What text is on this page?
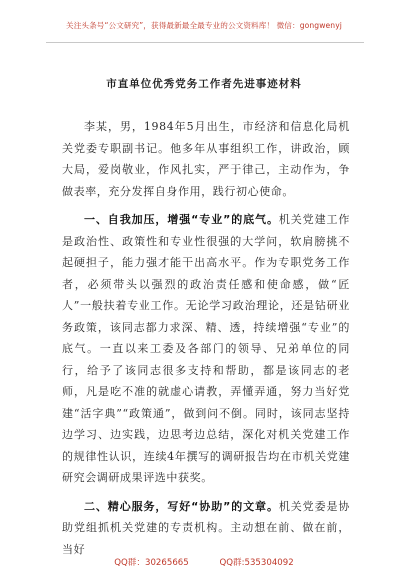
关注头条号“公文研究”，获得最新最全最专业的公文资料库！ 微信：gongwenyj
市直单位优秀党务工作者先进事迹材料

李某，男，1984年5月出生，市经济和信息化局机关党委专职副书记。他多年从事组织工作，讲政治，顾大局，爱岗敬业，作风扎实，严于律己，主动作为，争做表率，充分发挥自身作用，践行初心使命。

一、自我加压，增强“专业”的底气。机关党建工作是政治性、政策性和专业性很强的大学问，软肩膀挑不起硬担子，能力强才能干出高水平。作为专职党务工作者，必须带头以强烈的政治责任感和使命感，做“匠人”一般扶着专业工作。无论学习政治理论，还是钻研业务政策，该同志都力求深、精、透，持续增强“专业”的底气。一直以来工委及各部门的领导、兄弟单位的同行，给予了该同志很多支持和帮助，都是该同志的老师，凡是吃不准的就虚心请教，弄懂弄通，努力当好党建“活字典”“政策通”，做到问不倒。同时，该同志坚持边学习、边实践，边思考边总结，深化对机关党建工作的规律性认识，连续4年撰写的调研报告均在市机关党建研究会调研成果评选中获奖。

二、精心服务，写好“协助”的文章。机关党委是协助党组抓机关党建的专责机构。主动想在前、做在前，当好

QQ群：30265665	QQ群:535304092
